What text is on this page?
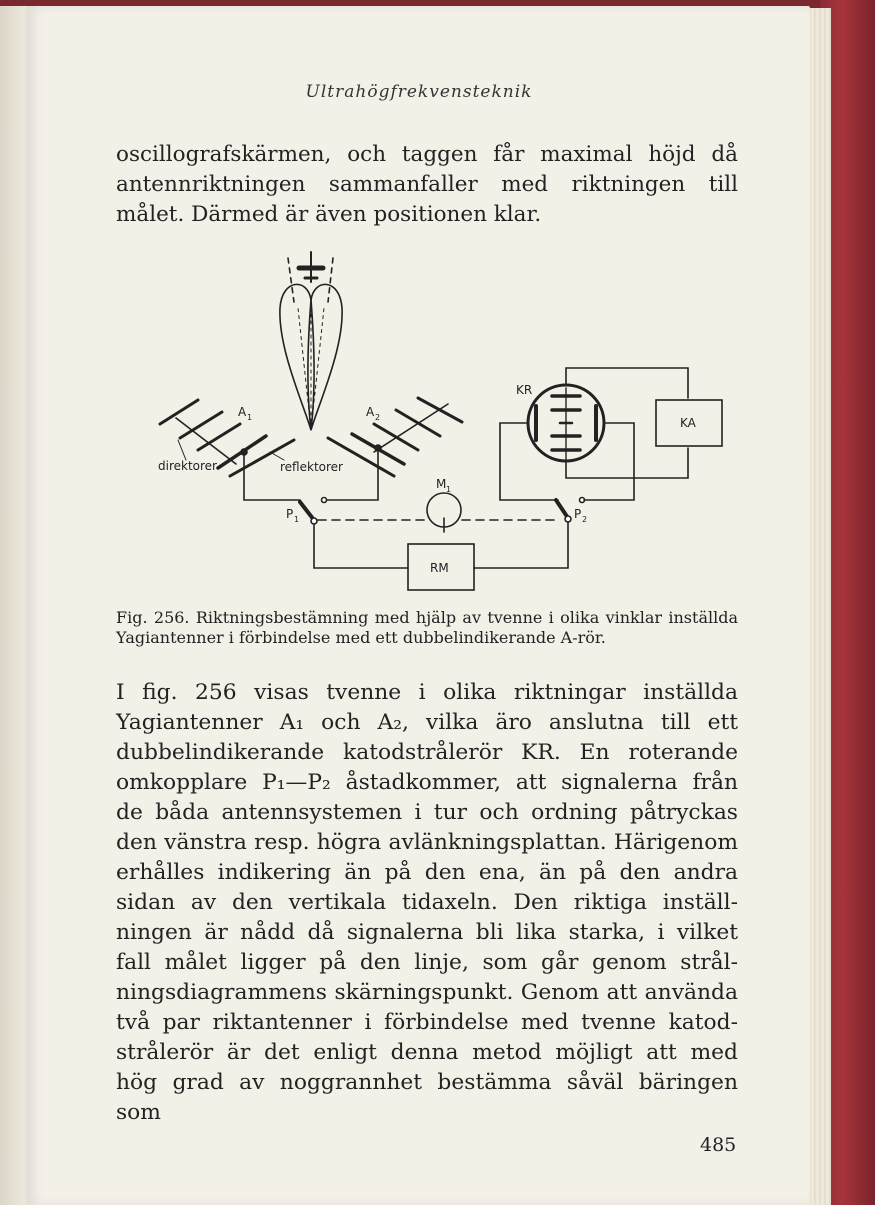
Ultrahögfrekvensteknik
oscillografskärmen, och taggen får maximal höjd då
antennriktningen sammanfaller med riktningen till
målet. Därmed är även positionen klar.
direktorer	reflektorer
A 1	A 2
M 1
P 1	P 2
KR
KA
RM

Fig. 256. Riktningsbestämning med hjälp av tvenne i olika vinklar inställda Yagiantenner i förbindelse med ett dubbelindikerande A-rör.

I fig. 256 visas tvenne i olika riktningar inställda
Yagiantenner A₁ och A₂, vilka äro anslutna till ett
dubbelindikerande katodstrålerör KR. En roterande
omkopplare P₁—P₂ åstadkommer, att signalerna från
de båda antennsystemen i tur och ordning påtryckas
den vänstra resp. högra avlänkningsplattan. Härigenom
erhålles indikering än på den ena, än på den andra
sidan av den vertikala tidaxeln. Den riktiga inställ-
ningen är nådd då signalerna bli lika starka, i vilket
fall målet ligger på den linje, som går genom strål-
ningsdiagrammens skärningspunkt. Genom att använda
två par riktantenner i förbindelse med tvenne katod-
strålerör är det enligt denna metod möjligt att med
hög grad av noggrannhet bestämma såväl bäringen som
485
